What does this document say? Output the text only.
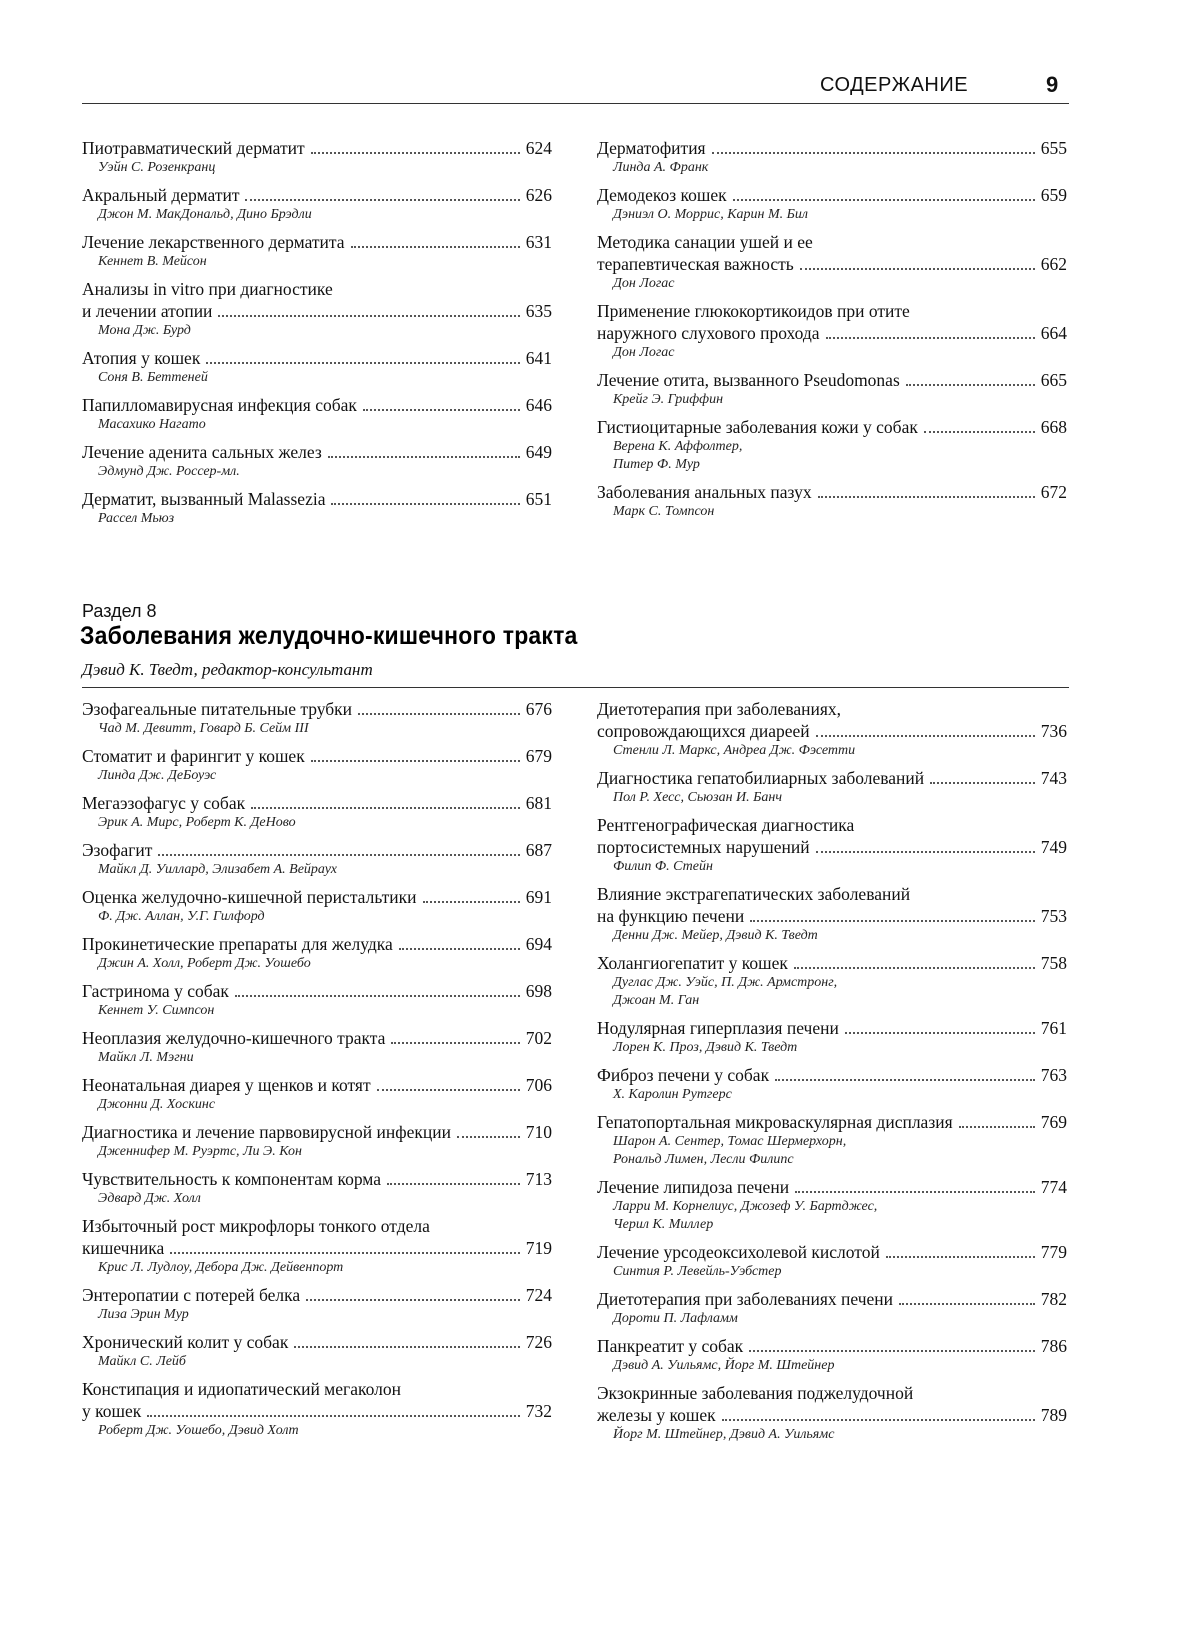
СОДЕРЖАНИЕ	9
Пиотравматический дерматит	624
Уэйн С. Розенкранц
Акральный дерматит	626
Джон М. МакДональд, Дино Брэдли
Лечение лекарственного дерматита	631
Кеннет В. Мейсон
Анализы in vitro при диагностике
и лечении атопии	635
Мона Дж. Бурд
Атопия у кошек	641
Соня В. Беттеней
Папилломавирусная инфекция собак	646
Масахико Нагато
Лечение аденита сальных желез	649
Эдмунд Дж. Россер-мл.
Дерматит, вызванный Malassezia	651
Рассел Мьюз
Дерматофития	655
Линда А. Франк
Демодекоз кошек	659
Дэниэл О. Моррис, Карин М. Бил
Методика санации ушей и ее
терапевтическая важность	662
Дон Логас
Применение глюкокортикоидов при отите
наружного слухового прохода	664
Дон Логас
Лечение отита, вызванного Pseudomonas	665
Крейг Э. Гриффин
Гистиоцитарные заболевания кожи у собак	668
Верена К. Аффолтер,
Питер Ф. Мур
Заболевания анальных пазух	672
Марк С. Томпсон
Раздел 8
Заболевания желудочно-кишечного тракта
Дэвид К. Тведт, редактор-консультант
Эзофагеальные питательные трубки	676
Чад М. Девитт, Говард Б. Сейм III
Стоматит и фарингит у кошек	679
Линда Дж. ДеБоуэс
Мегаэзофагус у собак	681
Эрик А. Мирс, Роберт К. ДеНово
Эзофагит	687
Майкл Д. Уиллард, Элизабет А. Вейраух
Оценка желудочно-кишечной перистальтики	691
Ф. Дж. Аллан, У.Г. Гилфорд
Прокинетические препараты для желудка	694
Джин А. Холл, Роберт Дж. Уошебо
Гастринома у собак	698
Кеннет У. Симпсон
Неоплазия желудочно-кишечного тракта	702
Майкл Л. Мэгни
Неонатальная диарея у щенков и котят	706
Джонни Д. Хоскинс
Диагностика и лечение парвовирусной инфекции	710
Дженнифер М. Руэртс, Ли Э. Кон
Чувствительность к компонентам корма	713
Эдвард Дж. Холл
Избыточный рост микрофлоры тонкого отдела
кишечника	719
Крис Л. Лудлоу, Дебора Дж. Дейвенпорт
Энтеропатии с потерей белка	724
Лиза Эрин Мур
Хронический колит у собак	726
Майкл С. Лейб
Констипация и идиопатический мегаколон
у кошек	732
Роберт Дж. Уошебо, Дэвид Холт
Диетотерапия при заболеваниях,
сопровождающихся диареей	736
Стенли Л. Маркс, Андреа Дж. Фэсетти
Диагностика гепатобилиарных заболеваний	743
Пол Р. Хесс, Сьюзан И. Банч
Рентгенографическая диагностика
портосистемных нарушений	749
Филип Ф. Стейн
Влияние экстрагепатических заболеваний
на функцию печени	753
Денни Дж. Мейер, Дэвид К. Тведт
Холангиогепатит у кошек	758
Дуглас Дж. Уэйс, П. Дж. Армстронг,
Джоан М. Ган
Нодулярная гиперплазия печени	761
Лорен К. Проз, Дэвид К. Тведт
Фиброз печени у собак	763
Х. Каролин Рутгерс
Гепатопортальная микроваскулярная дисплазия	769
Шарон А. Сентер, Томас Шермерхорн,
Рональд Лимен, Лесли Филипс
Лечение липидоза печени	774
Ларри М. Корнелиус, Джозеф У. Бартджес,
Черил К. Миллер
Лечение урсодеоксихолевой кислотой	779
Синтия Р. Левейль-Уэбстер
Диетотерапия при заболеваниях печени	782
Дороти П. Лафламм
Панкреатит у собак	786
Дэвид А. Уильямс, Йорг М. Штейнер
Экзокринные заболевания поджелудочной
железы у кошек	789
Йорг М. Штейнер, Дэвид А. Уильямс
